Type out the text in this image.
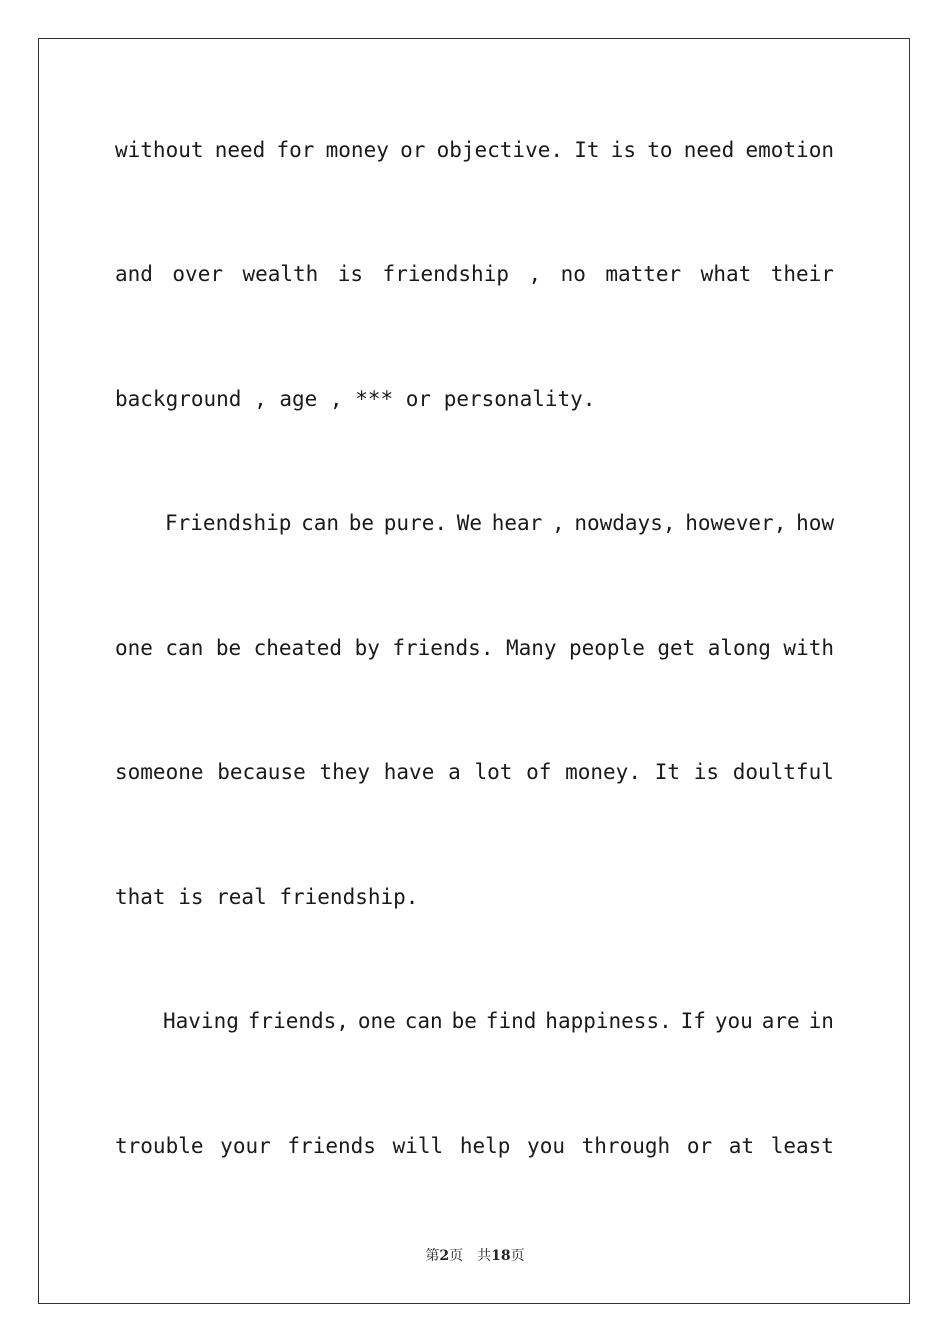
without need for money or objective. It is to need emotion
and over wealth is friendship , no matter what their
background , age , *** or personality.
Friendship can be pure. We hear , nowdays, however, how
one can be cheated by friends. Many people get along with
someone because they have a lot of money. It is doultful
that is real friendship.
Having friends, one can be find happiness. If you are in
trouble your friends will help you through or at least
第2页 共18页
